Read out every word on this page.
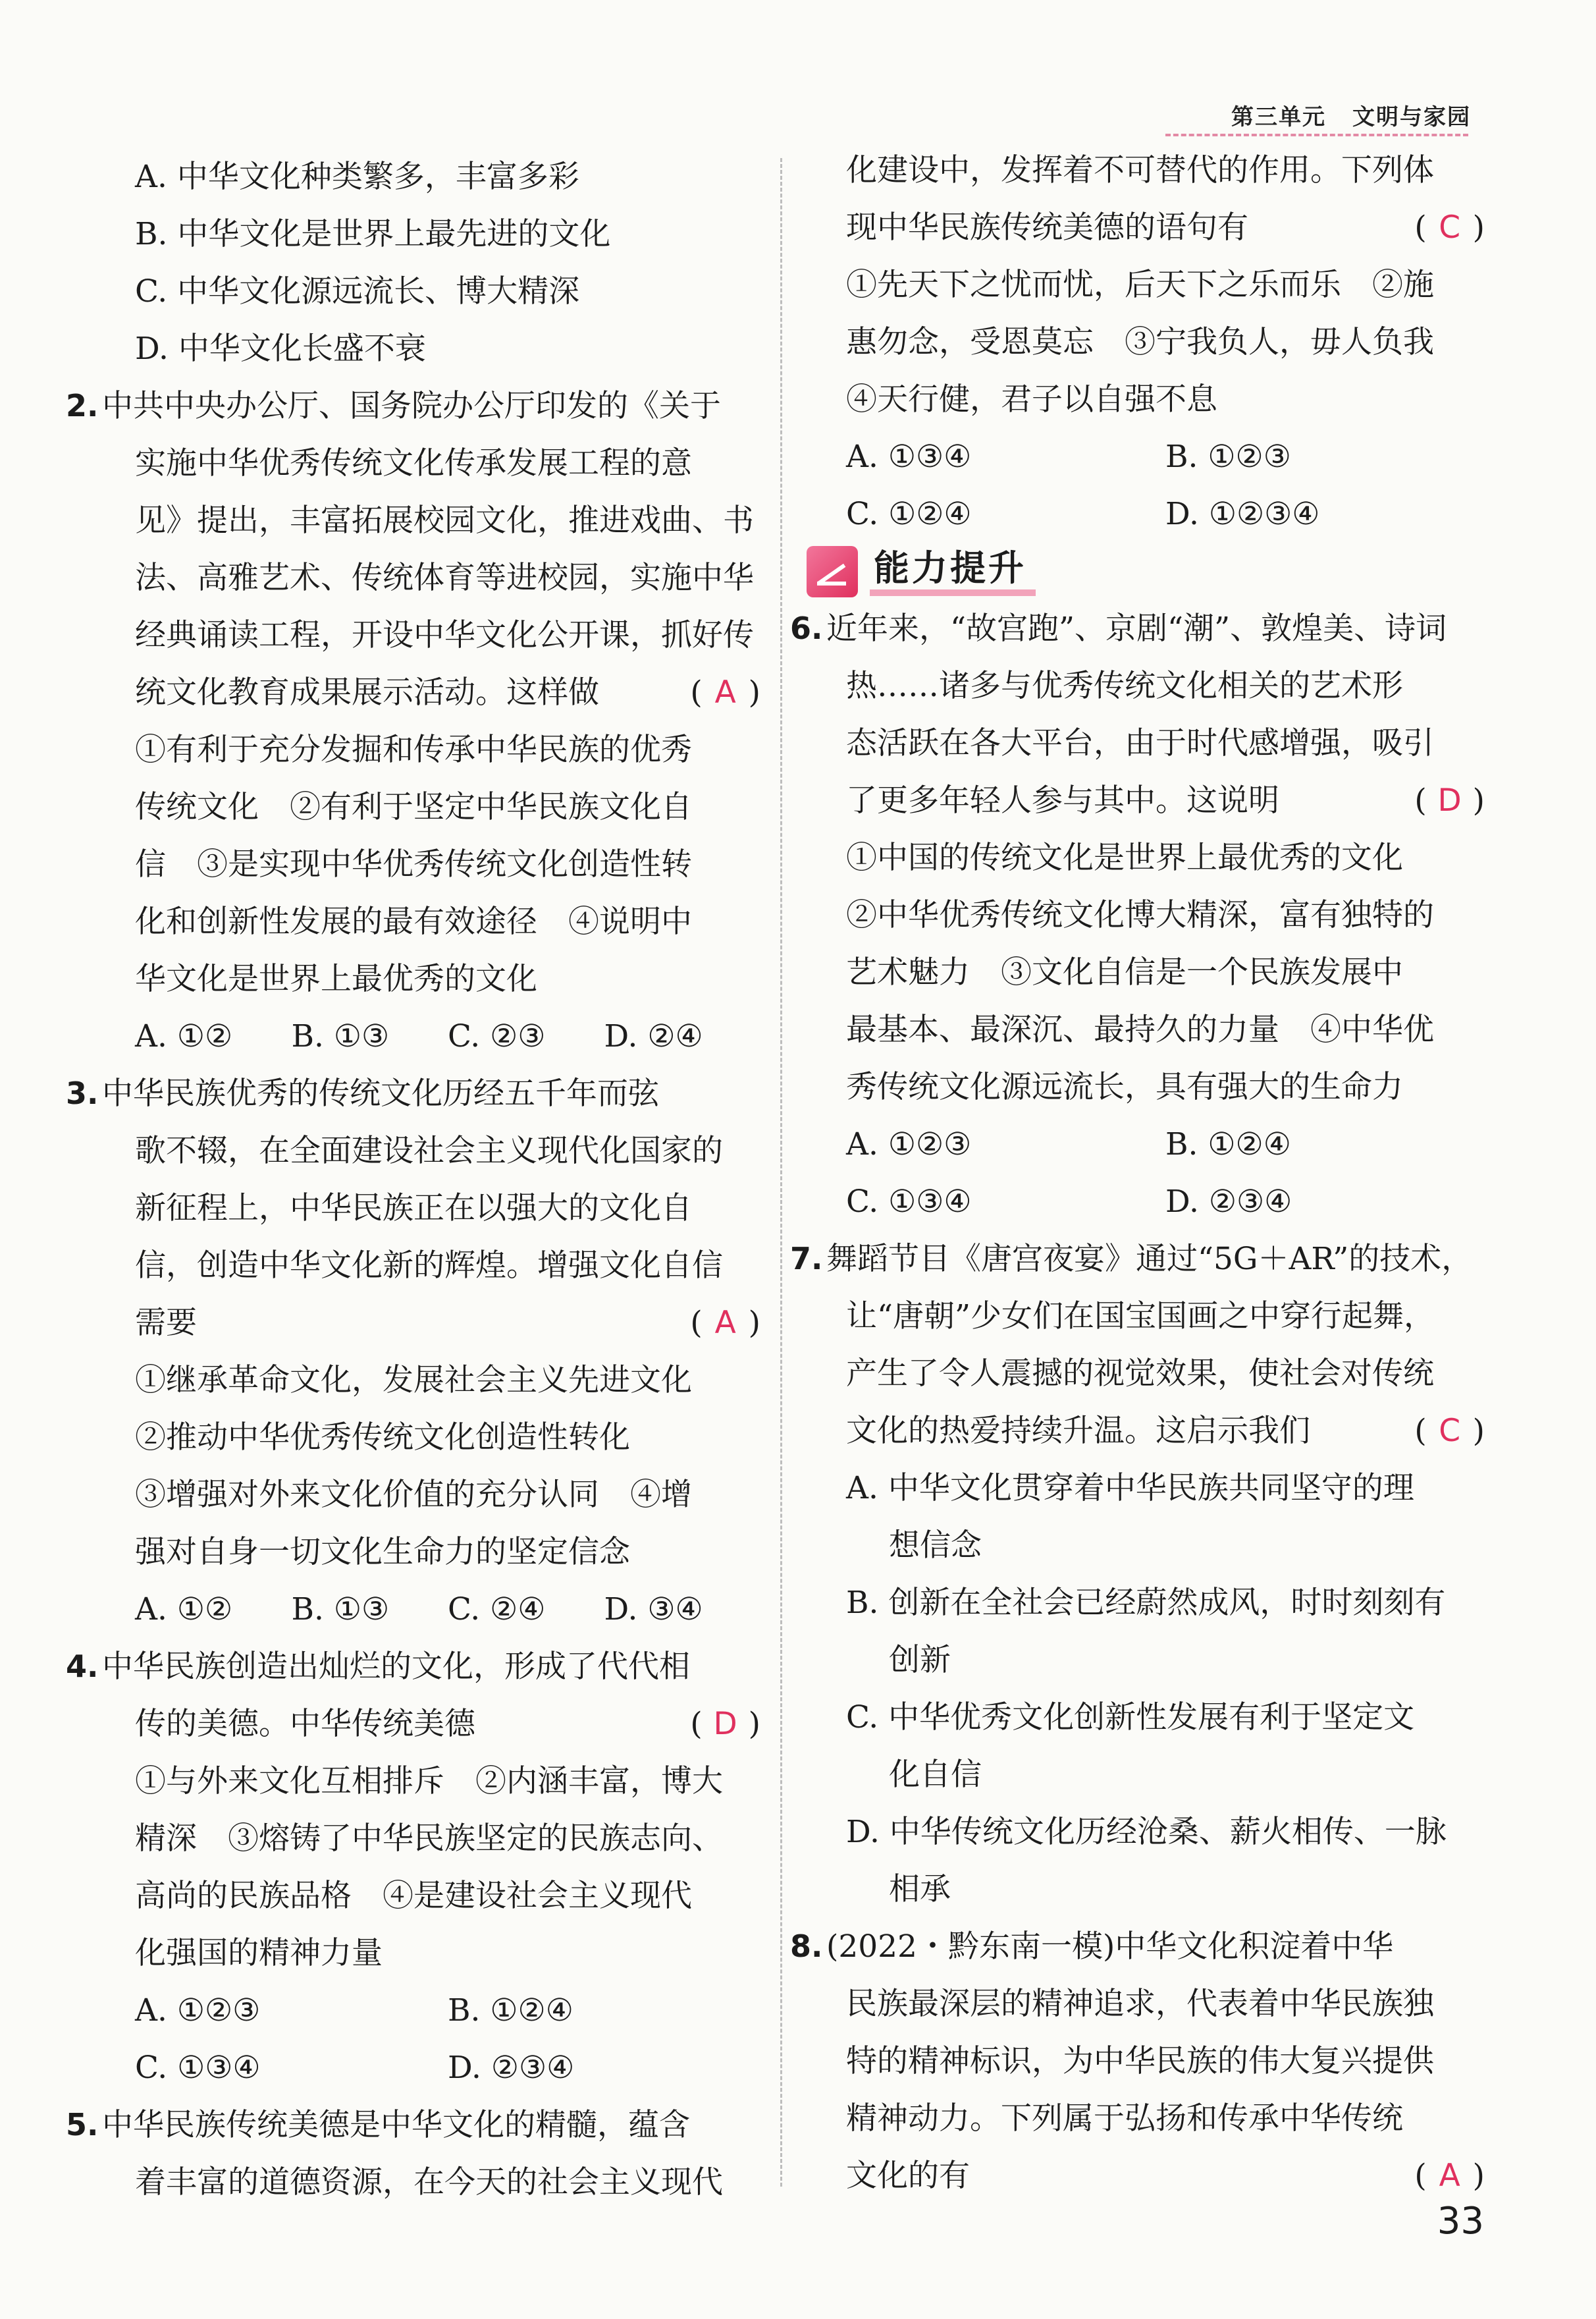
第三单元 文明与家园
A. 中华文化种类繁多，丰富多彩
B. 中华文化是世界上最先进的文化
C. 中华文化源远流长、博大精深
D. 中华文化长盛不衰
2. 中共中央办公厅、国务院办公厅印发的《关于
实施中华优秀传统文化传承发展工程的意
见》提出，丰富拓展校园文化，推进戏曲、书
法、高雅艺术、传统体育等进校园，实施中华
经典诵读工程，开设中华文化公开课，抓好传
统文化教育成果展示活动。这样做	( A )
①有利于充分发掘和传承中华民族的优秀
传统文化　②有利于坚定中华民族文化自
信　③是实现中华优秀传统文化创造性转
化和创新性发展的最有效途径　④说明中
华文化是世界上最优秀的文化
A. ①②	B. ①③	C. ②③	D. ②④
3. 中华民族优秀的传统文化历经五千年而弦
歌不辍，在全面建设社会主义现代化国家的
新征程上，中华民族正在以强大的文化自
信，创造中华文化新的辉煌。增强文化自信
需要	( A )
①继承革命文化，发展社会主义先进文化
②推动中华优秀传统文化创造性转化
③增强对外来文化价值的充分认同　④增
强对自身一切文化生命力的坚定信念
A. ①②	B. ①③	C. ②④	D. ③④
4. 中华民族创造出灿烂的文化，形成了代代相
传的美德。中华传统美德	( D )
①与外来文化互相排斥　②内涵丰富，博大
精深　③熔铸了中华民族坚定的民族志向、
高尚的民族品格　④是建设社会主义现代
化强国的精神力量
A. ①②③	B. ①②④
C. ①③④	D. ②③④
5. 中华民族传统美德是中华文化的精髓，蕴含
着丰富的道德资源，在今天的社会主义现代
化建设中，发挥着不可替代的作用。下列体
现中华民族传统美德的语句有	( C )
①先天下之忧而忧，后天下之乐而乐　②施
惠勿念，受恩莫忘　③宁我负人，毋人负我
④天行健，君子以自强不息
A. ①③④	B. ①②③
C. ①②④	D. ①②③④
能力提升
6. 近年来，“故宫跑”、京剧“潮”、敦煌美、诗词
热……诸多与优秀传统文化相关的艺术形
态活跃在各大平台，由于时代感增强，吸引
了更多年轻人参与其中。这说明	( D )
①中国的传统文化是世界上最优秀的文化
②中华优秀传统文化博大精深，富有独特的
艺术魅力　③文化自信是一个民族发展中
最基本、最深沉、最持久的力量　④中华优
秀传统文化源远流长，具有强大的生命力
A. ①②③	B. ①②④
C. ①③④	D. ②③④
7. 舞蹈节目《唐宫夜宴》通过“5G＋AR”的技术，
让“唐朝”少女们在国宝国画之中穿行起舞，
产生了令人震撼的视觉效果，使社会对传统
文化的热爱持续升温。这启示我们	( C )
A. 中华文化贯穿着中华民族共同坚守的理
想信念
B. 创新在全社会已经蔚然成风，时时刻刻有
创新
C. 中华优秀文化创新性发展有利于坚定文
化自信
D. 中华传统文化历经沧桑、薪火相传、一脉
相承
8. (2022・黔东南一模)中华文化积淀着中华
民族最深层的精神追求，代表着中华民族独
特的精神标识，为中华民族的伟大复兴提供
精神动力。下列属于弘扬和传承中华传统
文化的有	( A )
33
